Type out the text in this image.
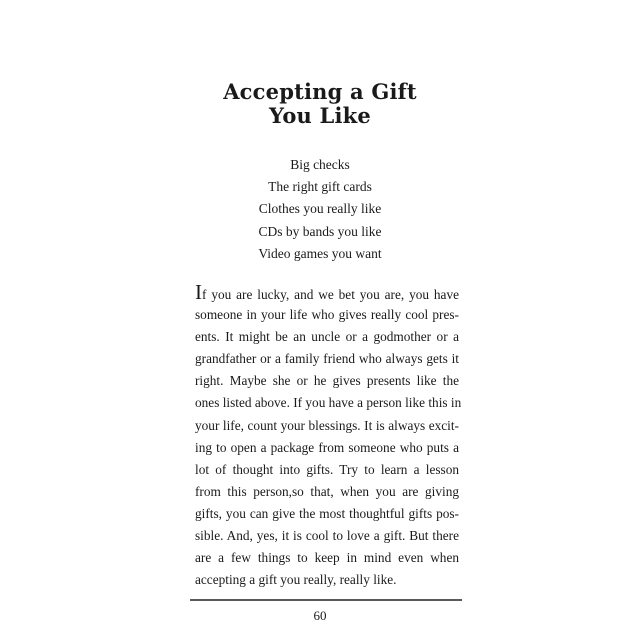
Accepting a Gift
You Like
Big checks
The right gift cards
Clothes you really like
CDs by bands you like
Video games you want
If you are lucky, and we bet you are, you have
someone in your life who gives really cool pres-
ents. It might be an uncle or a godmother or a
grandfather or a family friend who always gets it
right. Maybe she or he gives presents like the
ones listed above. If you have a person like this in
your life, count your blessings. It is always excit-
ing to open a package from someone who puts a
lot of thought into gifts. Try to learn a lesson
from this person,so that, when you are giving
gifts, you can give the most thoughtful gifts pos-
sible. And, yes, it is cool to love a gift. But there
are a few things to keep in mind even when
accepting a gift you really, really like.
60
